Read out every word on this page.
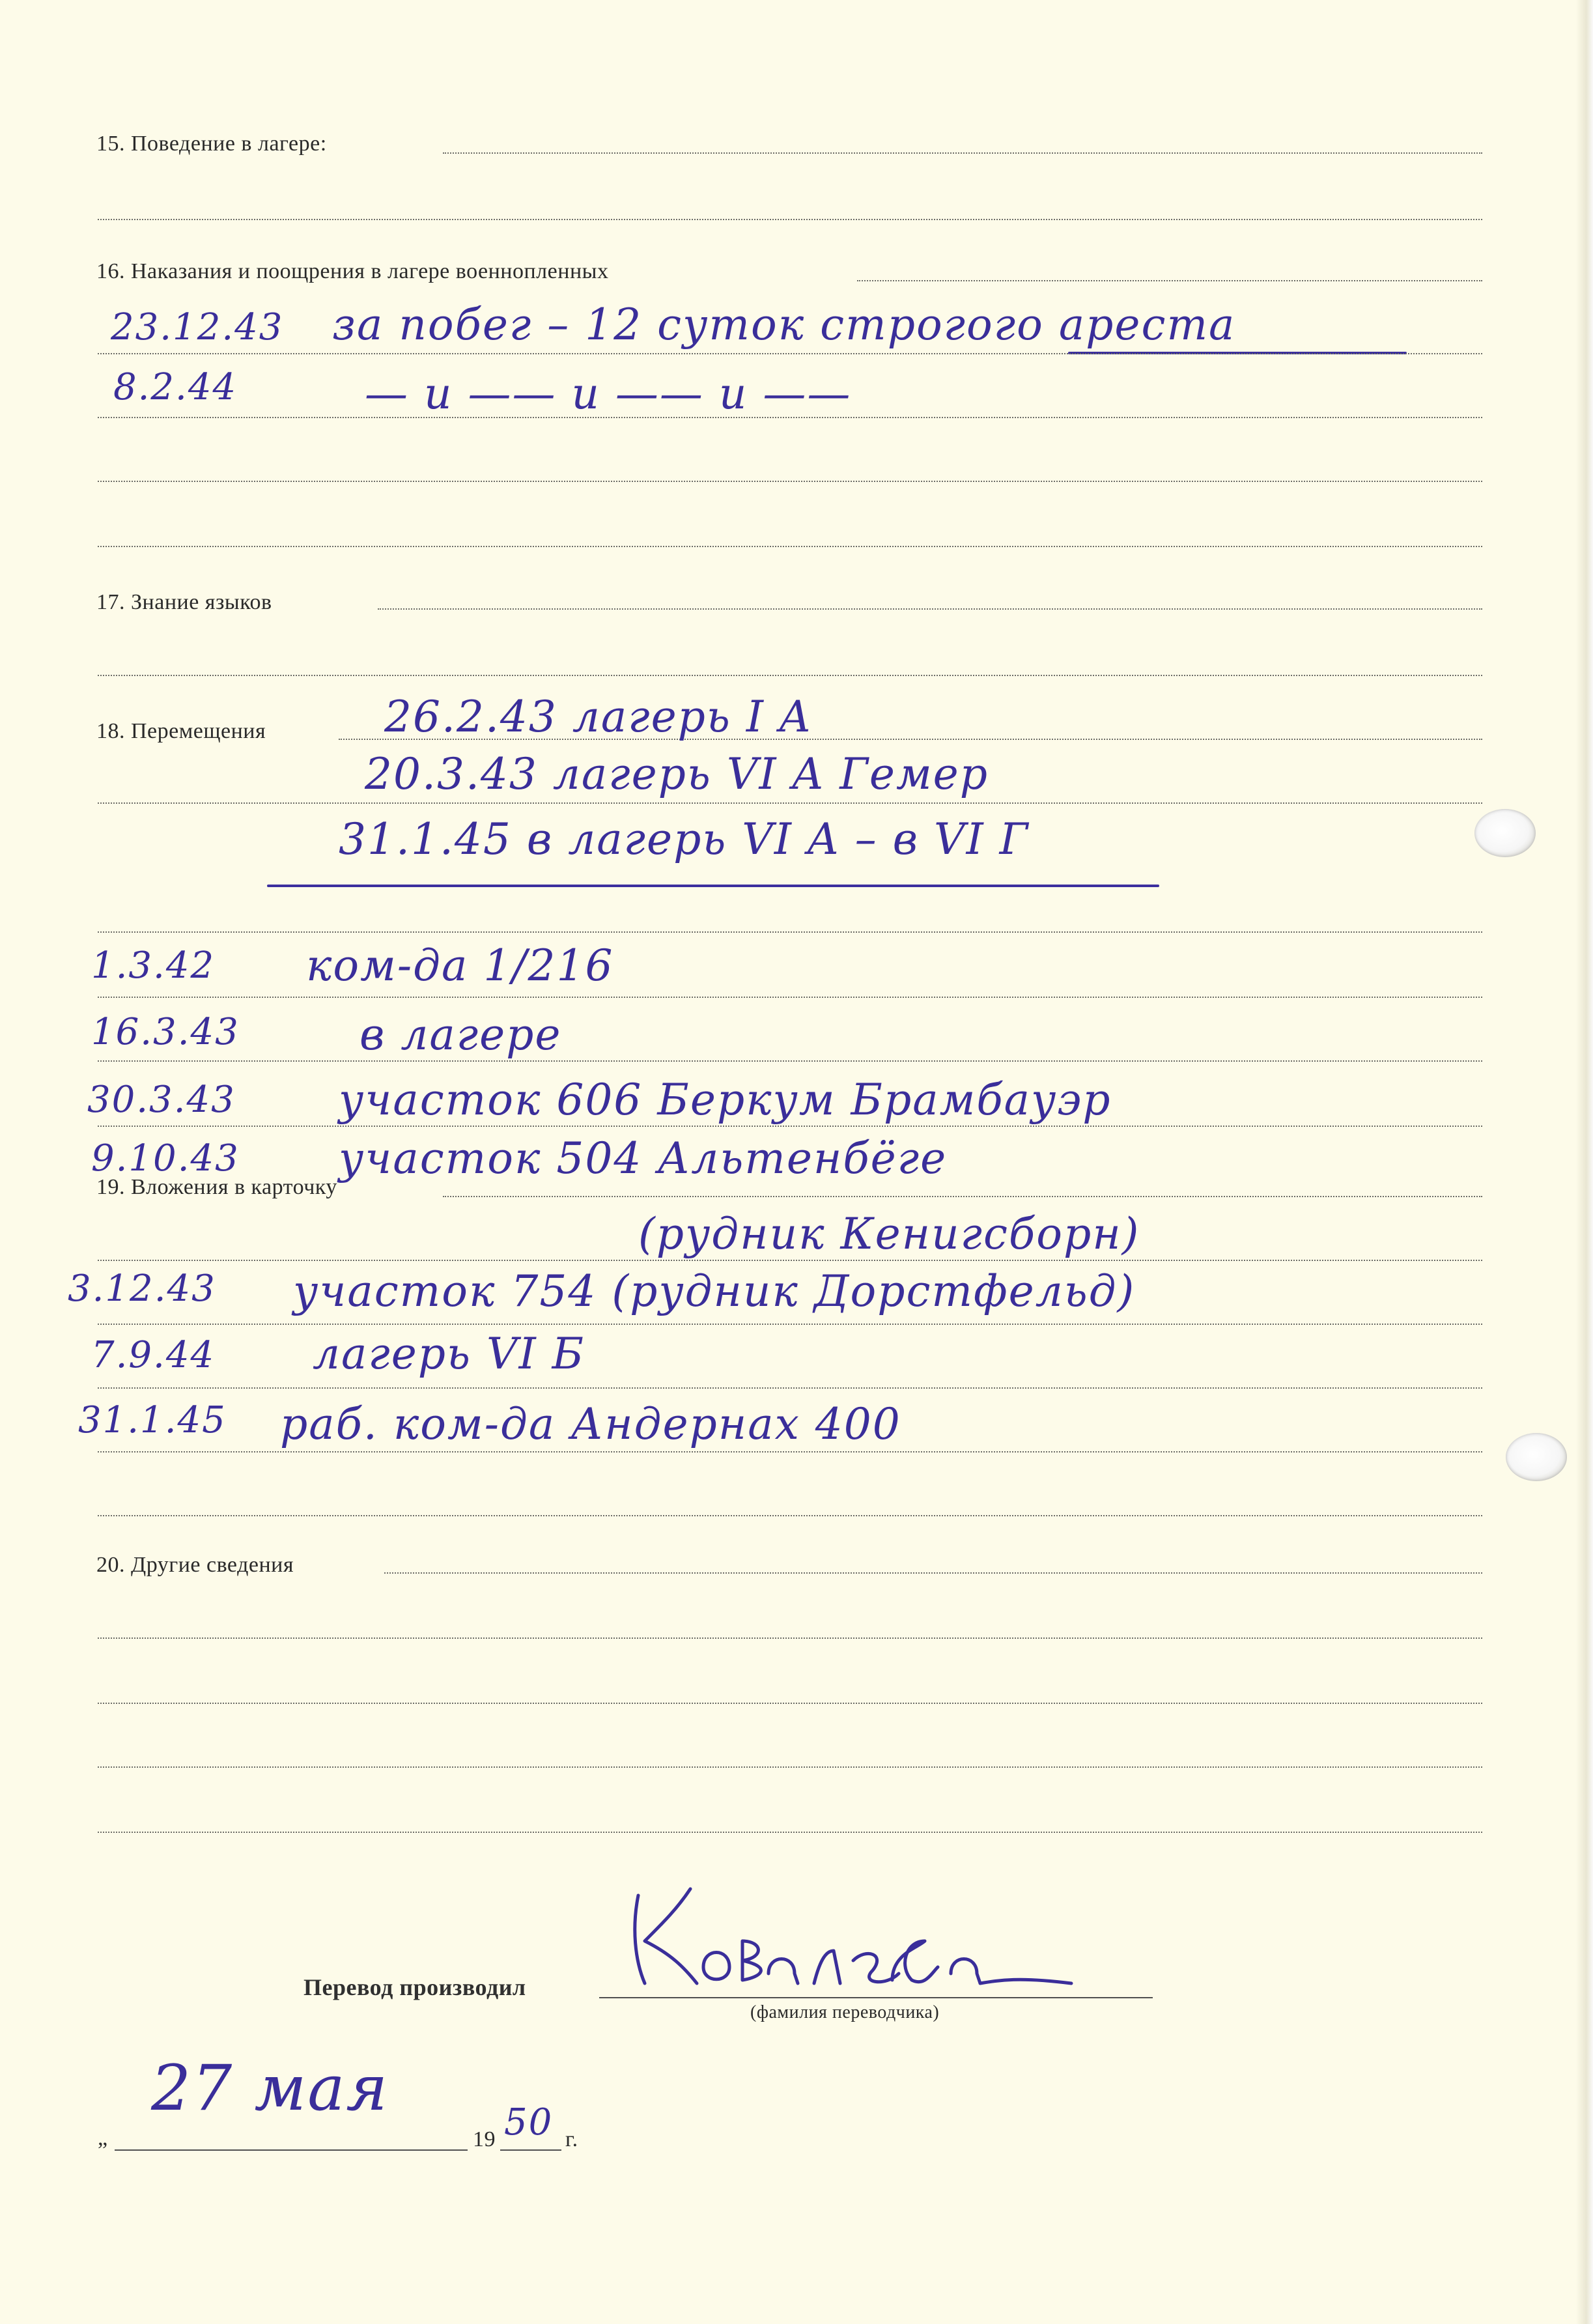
15. Поведение в лагере:
16. Наказания и поощрения в лагере военнопленных
23.12.43 за побег – 12 суток строгого ареста
8.2.44	— и —— и —— и ——
17. Знание языков
18. Перемещения	26.2.43 лагерь I A
20.3.43 лагерь VI A Гемер
31.1.45 в лагерь VI A – в VI Г
1.3.42 ком-да 1/216
16.3.43	в лагере
30.3.43 участок 606 Беркум Брамбауэр
9.10.43 участок 504 Альтенбёге
19. Вложения в карточку
(рудник Кенигсборн)
3.12.43 участок 754 (рудник Дорстфельд)
7.9.44 лагерь VI Б
31.1.45 раб. ком-да Андернах 400
20. Другие сведения
Перевод производил
(фамилия переводчика)
„
27 мая
19 50 г.
